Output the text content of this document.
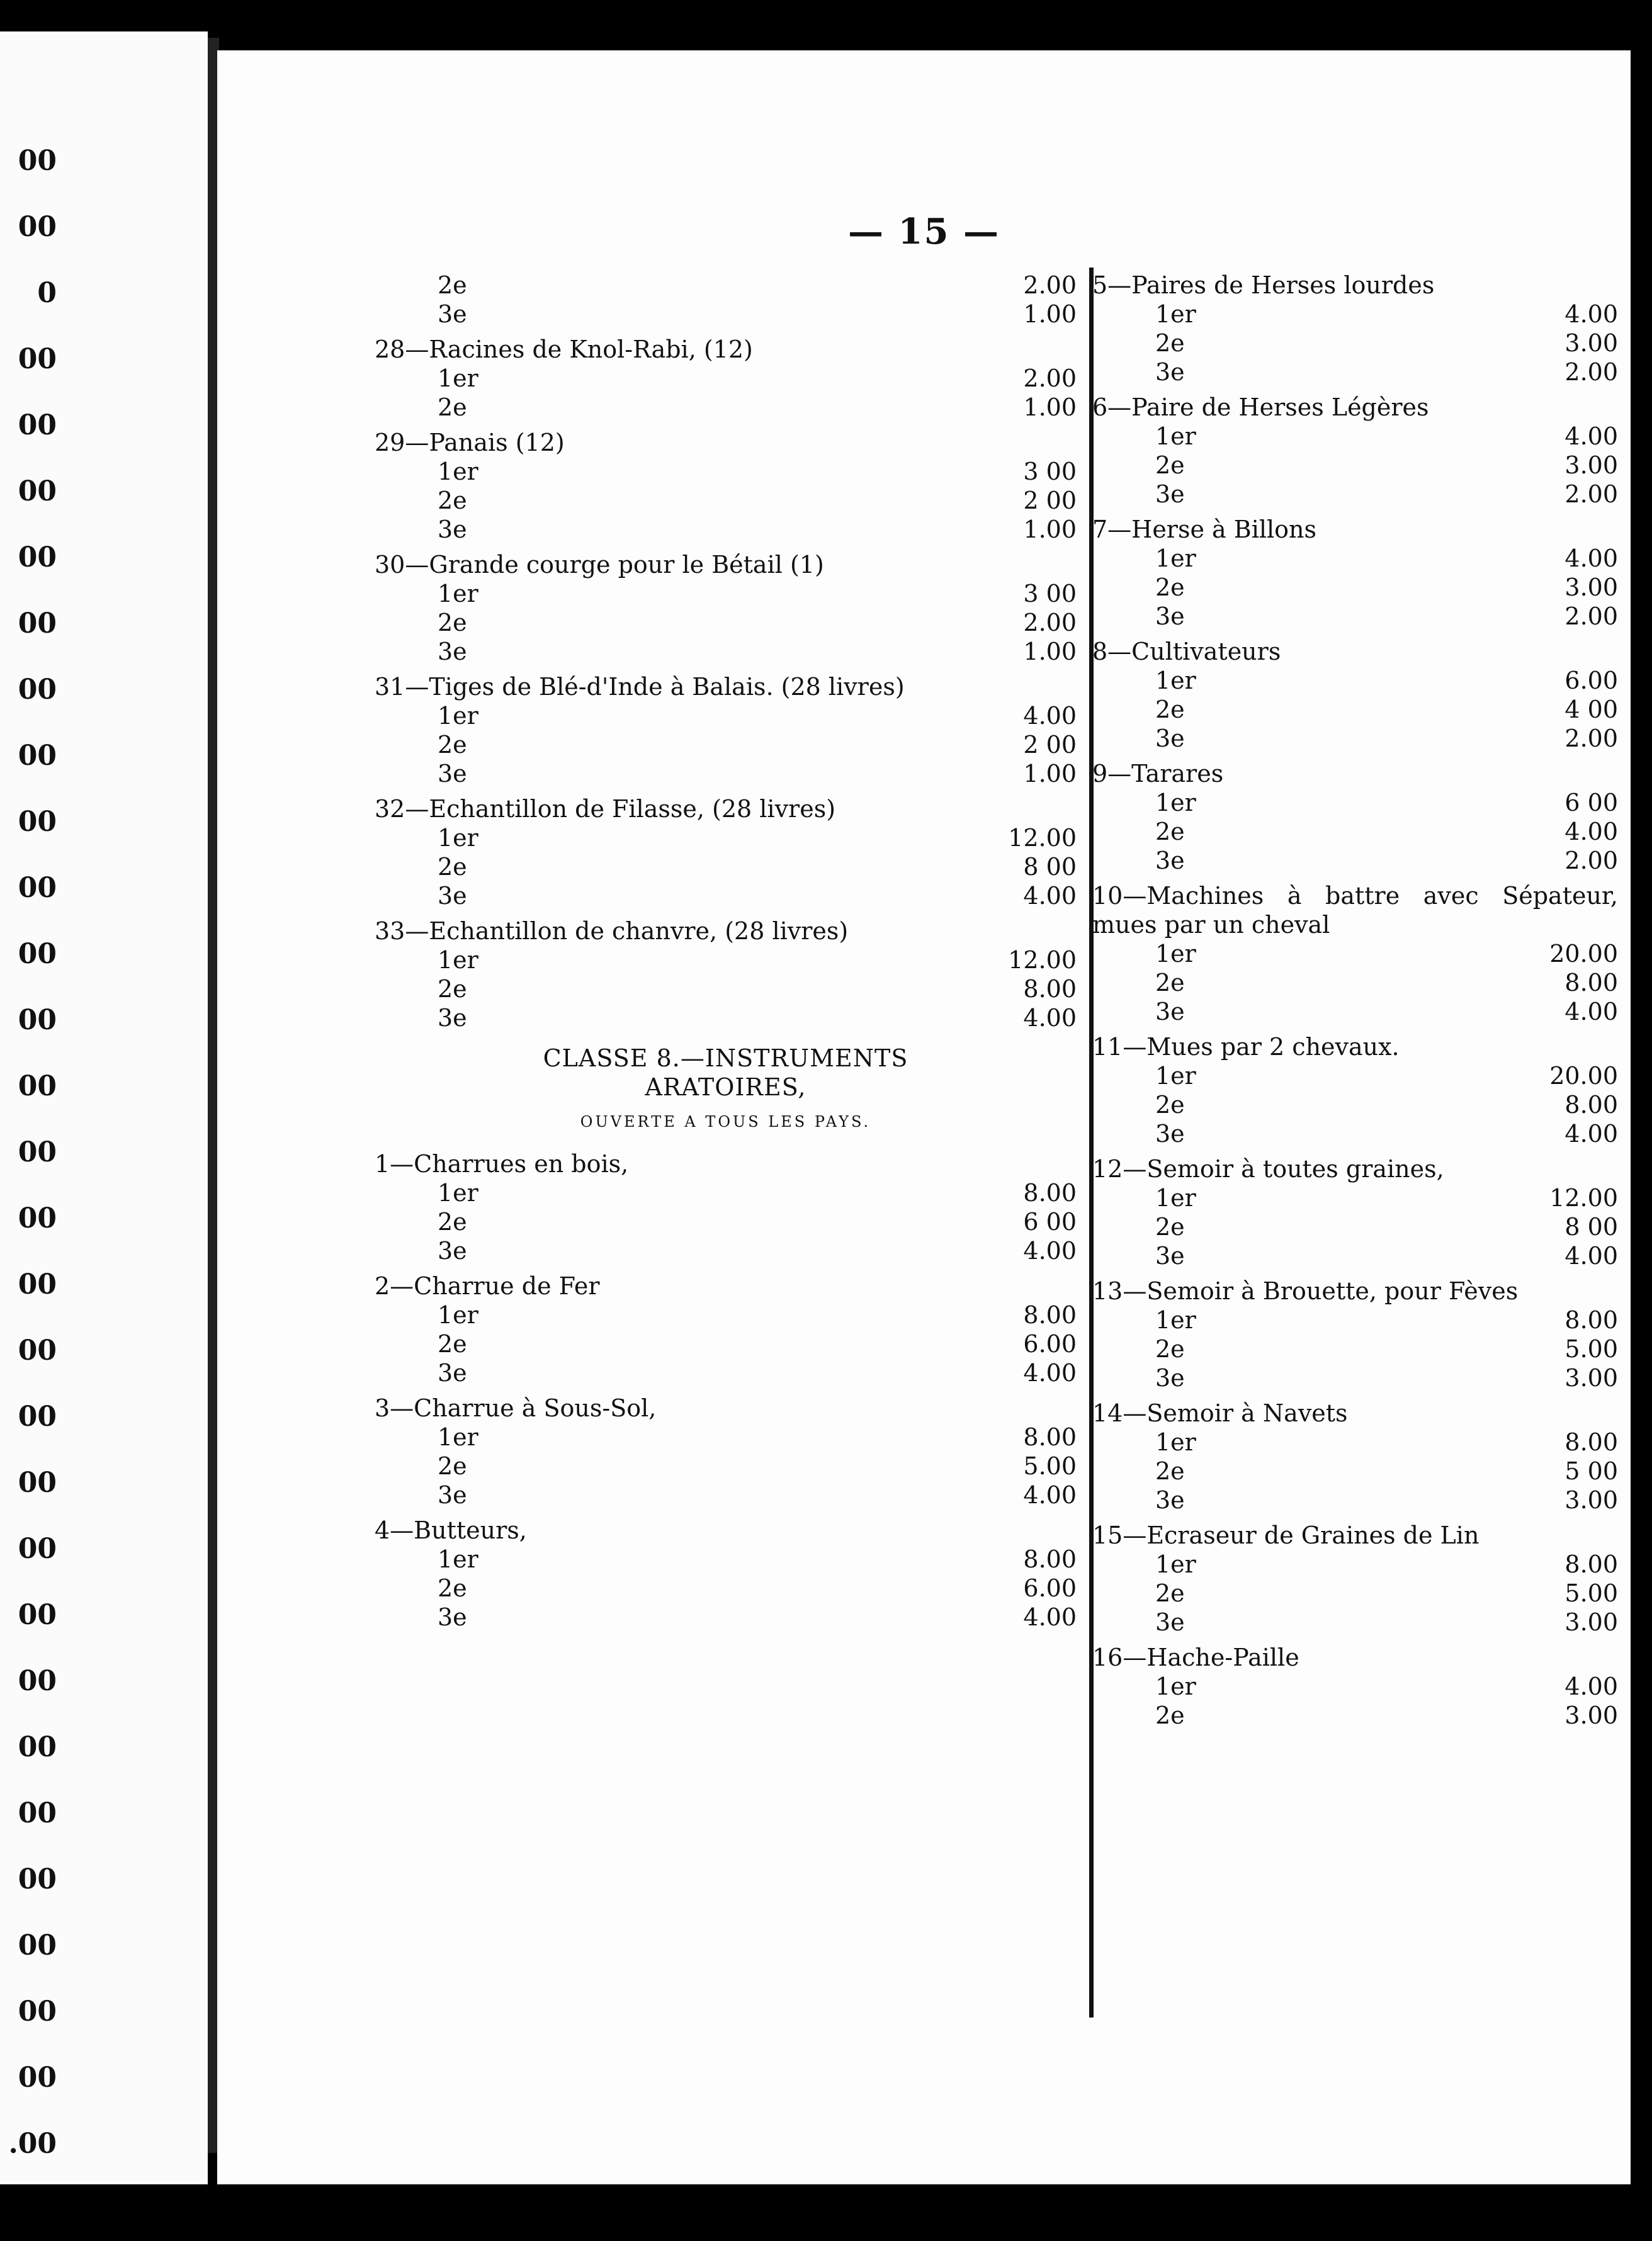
00
00
0
00
00
00
00
00
00
00
00
00
00
00
00
00
00
00
00
00
00
00
00
00
00
00
00
00
00
00
.00
— 15 —
2e	2.00
3e	1.00
28—Racines de Knol-Rabi, (12)
1er	2.00
2e	1.00
29—Panais (12)
1er	3 00
2e	2 00
3e	1.00
30—Grande courge pour le Bétail (1)
1er	3 00
2e	2.00
3e	1.00
31—Tiges de Blé-d'Inde à Balais. (28 livres)
1er	4.00
2e	2 00
3e	1.00
32—Echantillon de Filasse, (28 livres)
1er	12.00
2e	8 00
3e	4.00
33—Echantillon de chanvre, (28 livres)
1er	12.00
2e	8.00
3e	4.00
CLASSE 8.—INSTRUMENTS
ARATOIRES,
OUVERTE A TOUS LES PAYS.
1—Charrues en bois,
1er	8.00
2e	6 00
3e	4.00
2—Charrue de Fer
1er	8.00
2e	6.00
3e	4.00
3—Charrue à Sous-Sol,
1er	8.00
2e	5.00
3e	4.00
4—Butteurs,
1er	8.00
2e	6.00
3e	4.00
5—Paires de Herses lourdes
1er	4.00
2e	3.00
3e	2.00
6—Paire de Herses Légères
1er	4.00
2e	3.00
3e	2.00
7—Herse à Billons
1er	4.00
2e	3.00
3e	2.00
8—Cultivateurs
1er	6.00
2e	4 00
3e	2.00
9—Tarares
1er	6 00
2e	4.00
3e	2.00
10—Machines à battre avec Sépateur, mues par un cheval
1er	20.00
2e	8.00
3e	4.00
11—Mues par 2 chevaux.
1er	20.00
2e	8.00
3e	4.00
12—Semoir à toutes graines,
1er	12.00
2e	8 00
3e	4.00
13—Semoir à Brouette, pour Fèves
1er	8.00
2e	5.00
3e	3.00
14—Semoir à Navets
1er	8.00
2e	5 00
3e	3.00
15—Ecraseur de Graines de Lin
1er	8.00
2e	5.00
3e	3.00
16—Hache-Paille
1er	4.00
2e	3.00
